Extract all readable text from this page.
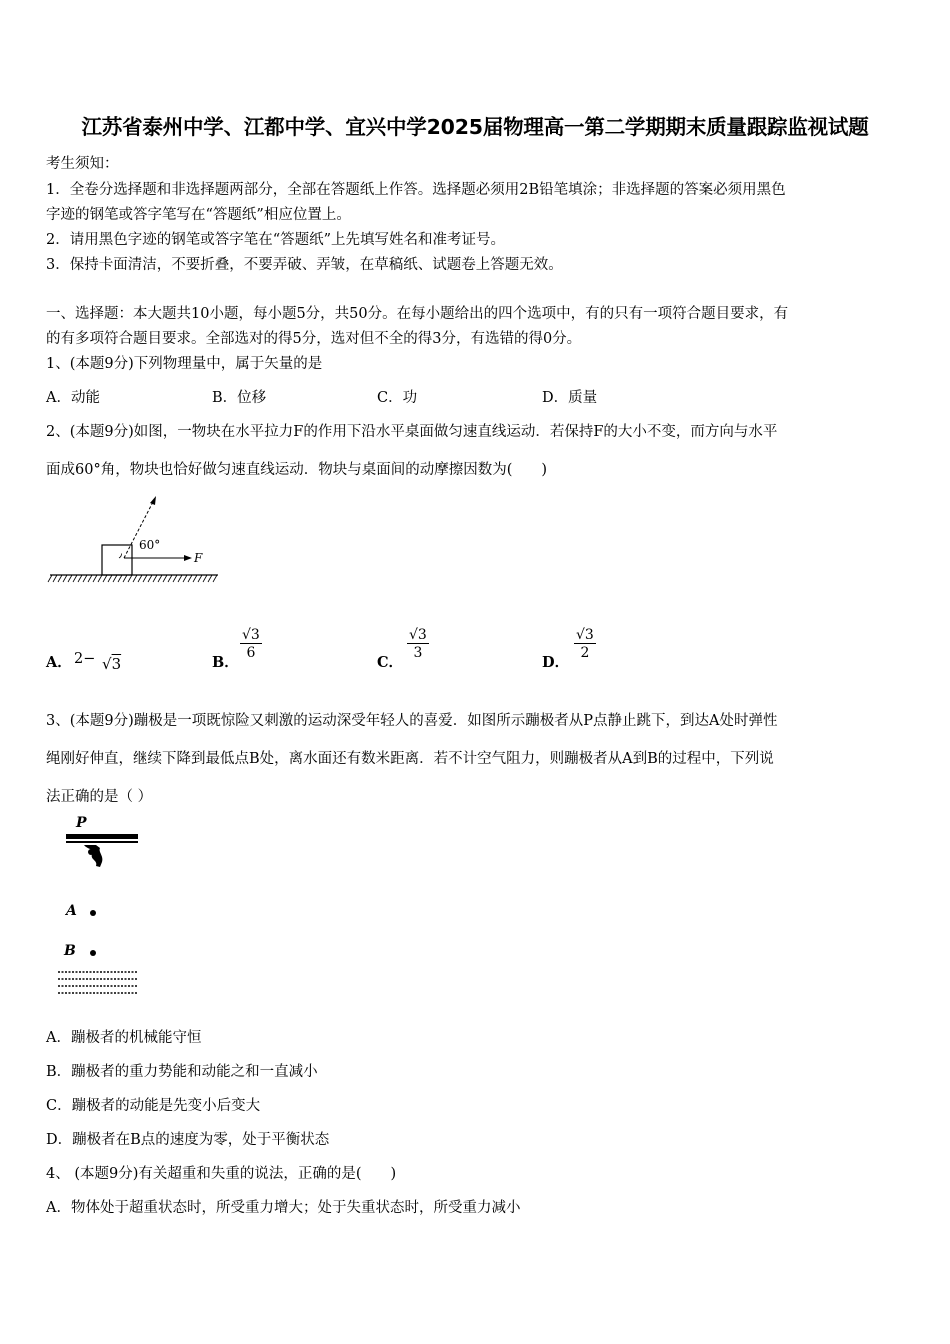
江苏省泰州中学、江都中学、宜兴中学2025届物理高一第二学期期末质量跟踪监视试题
考生须知：
1．全卷分选择题和非选择题两部分，全部在答题纸上作答。选择题必须用2B铅笔填涂；非选择题的答案必须用黑色
字迹的钢笔或答字笔写在“答题纸”相应位置上。
2．请用黑色字迹的钢笔或答字笔在“答题纸”上先填写姓名和准考证号。
3．保持卡面清洁，不要折叠，不要弄破、弄皱，在草稿纸、试题卷上答题无效。
一、选择题：本大题共10小题，每小题5分，共50分。在每小题给出的四个选项中，有的只有一项符合题目要求，有
的有多项符合题目要求。全部选对的得5分，选对但不全的得3分，有选错的得0分。
1、(本题9分)下列物理量中，属于矢量的是
A．动能	B．位移	C．功	D．质量
2、(本题9分)如图，一物块在水平拉力F的作用下沿水平桌面做匀速直线运动．若保持F的大小不变，而方向与水平
面成60°角，物块也恰好做匀速直线运动．物块与桌面间的动摩擦因数为(　　)
60°
F
A． 2− √3	B．
$\frac{√3}{6}$
C．
$\frac{√3}{3}$
D．
$\frac{√3}{2}$
3、(本题9分)蹦极是一项既惊险又刺激的运动深受年轻人的喜爱．如图所示蹦极者从P点静止跳下，到达A处时弹性
绳刚好伸直，继续下降到最低点B处，离水面还有数米距离．若不计空气阻力，则蹦极者从A到B的过程中，下列说
法正确的是（ ）
P
A
B
A．蹦极者的机械能守恒
B．蹦极者的重力势能和动能之和一直减小
C．蹦极者的动能是先变小后变大
D．蹦极者在B点的速度为零，处于平衡状态
4、 (本题9分)有关超重和失重的说法，正确的是(　　)
A．物体处于超重状态时，所受重力增大；处于失重状态时，所受重力减小
